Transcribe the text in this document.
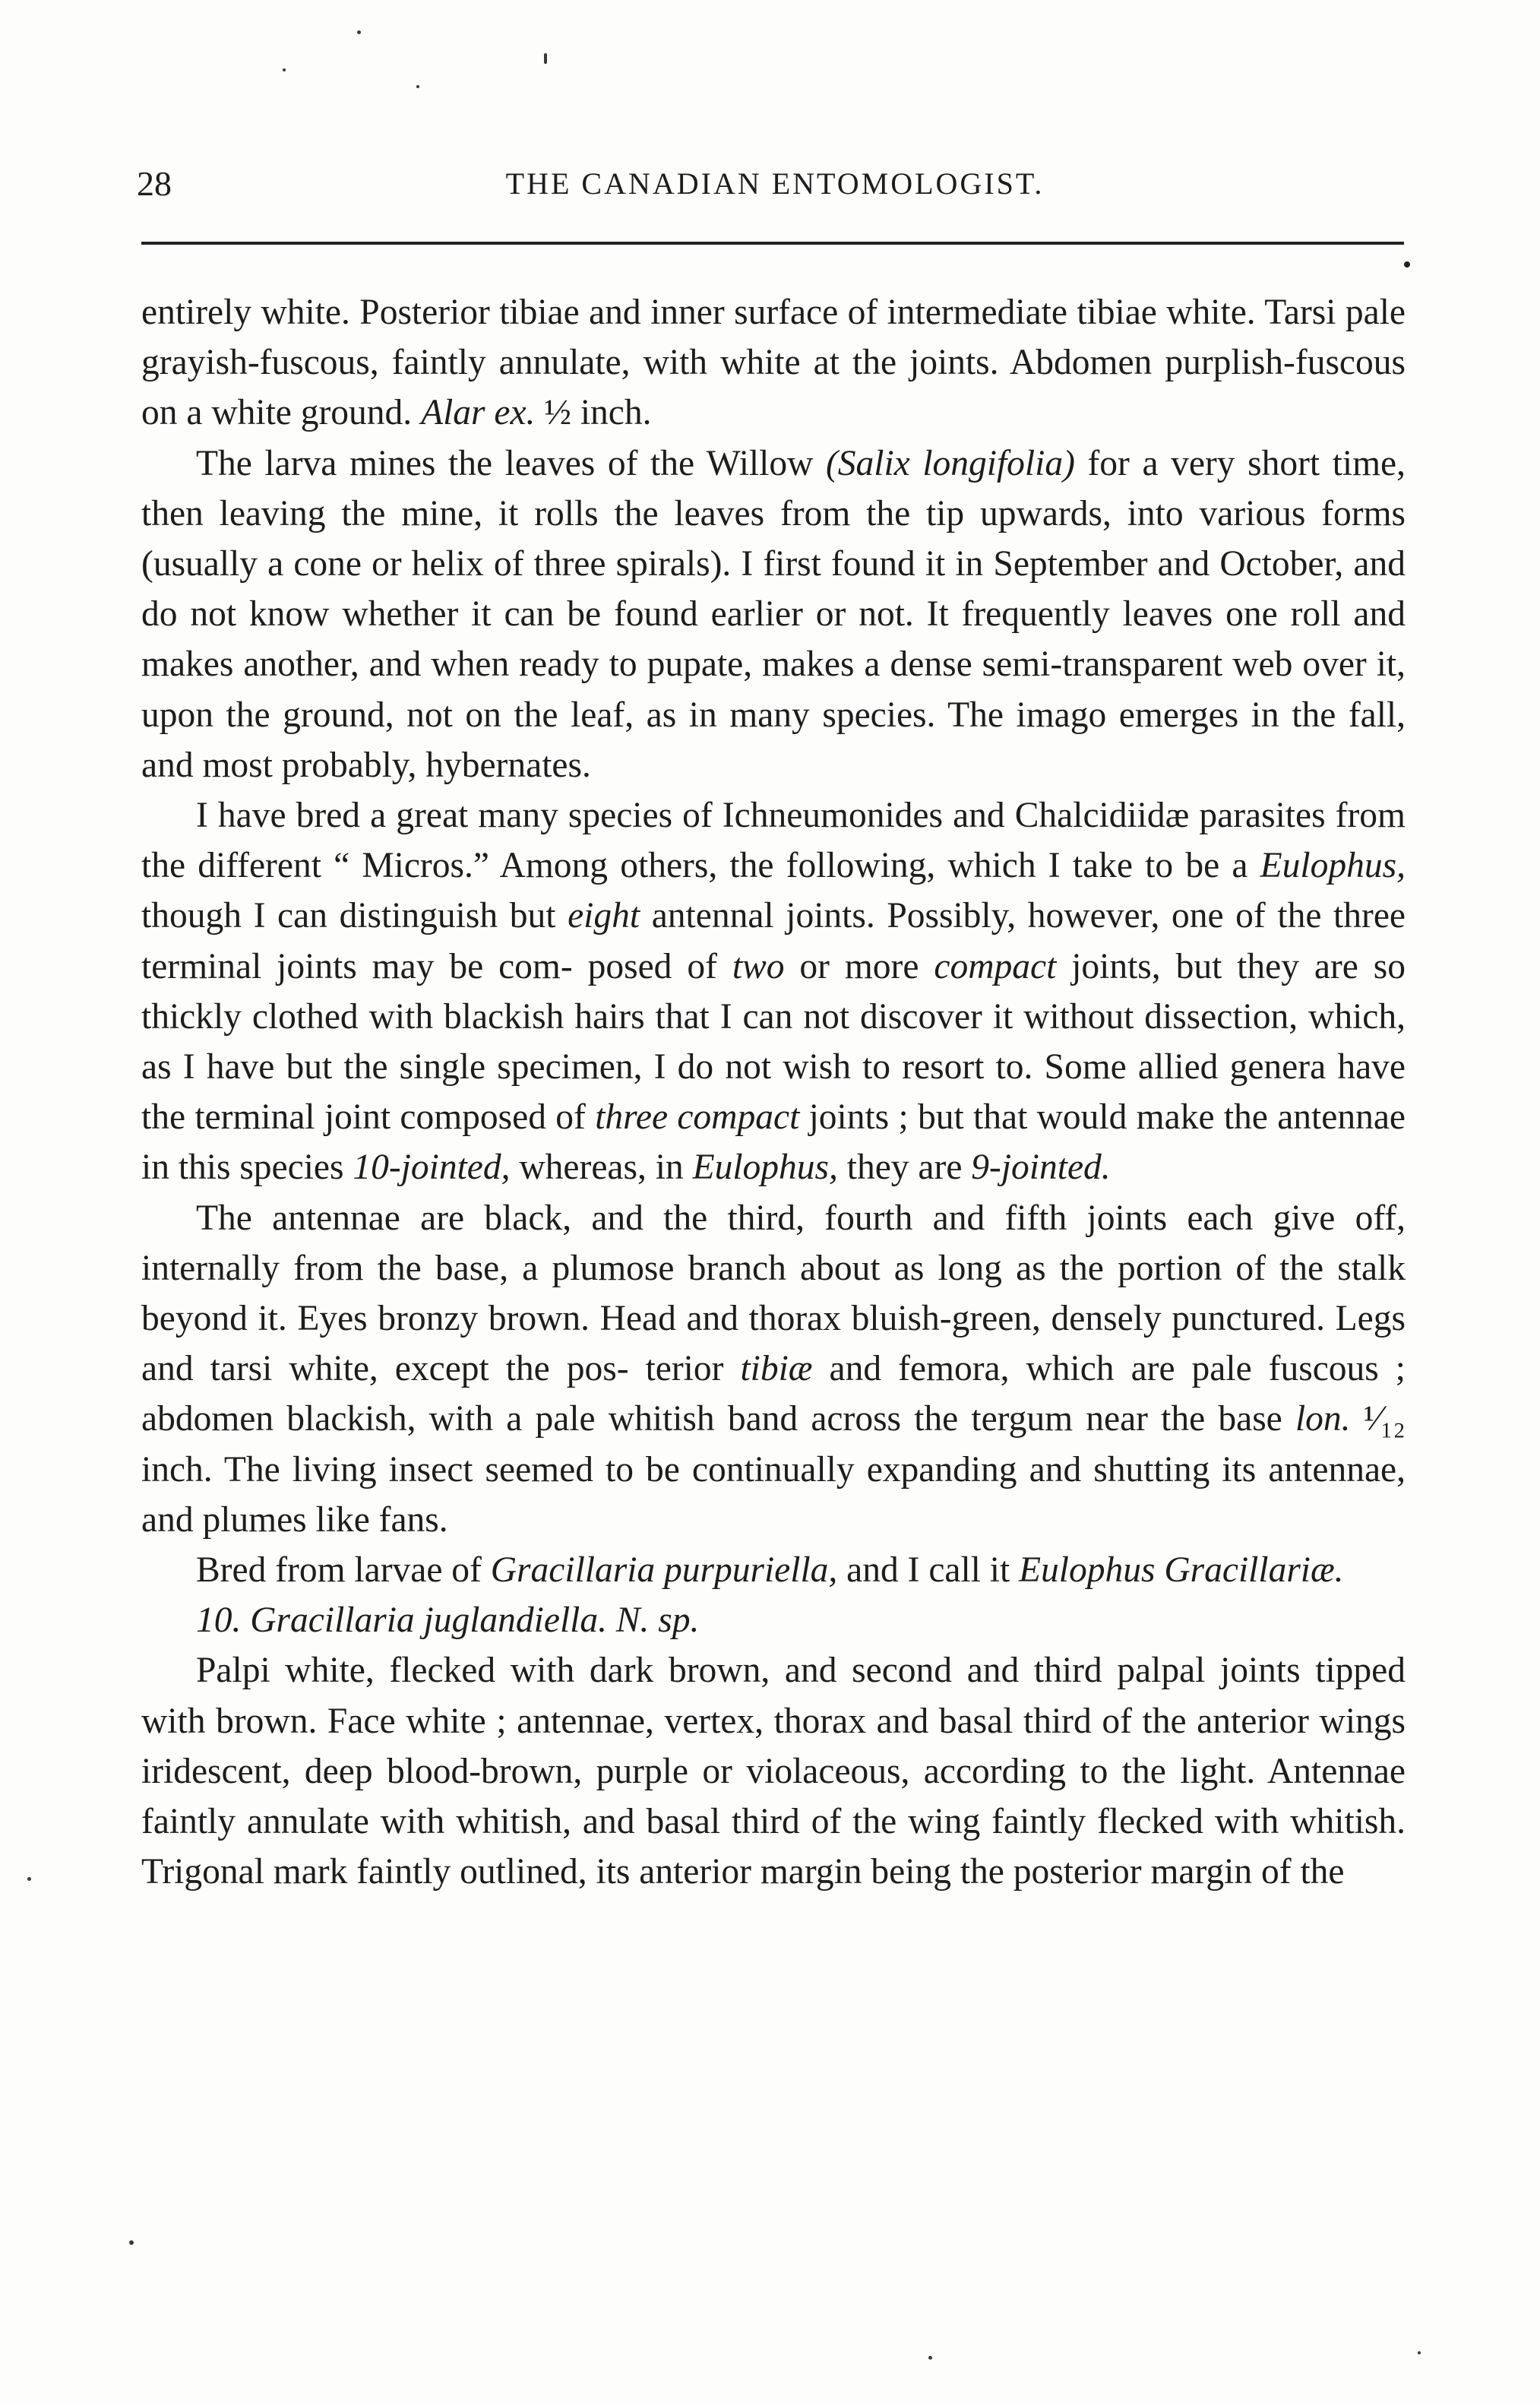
28	THE CANADIAN ENTOMOLOGIST.

entirely white. Posterior tibiae and inner surface of intermediate tibiae white. Tarsi pale grayish-fuscous, faintly annulate, with white at the joints. Abdomen purplish-fuscous on a white ground. Alar ex. ½ inch.

The larva mines the leaves of the Willow (Salix longifolia) for a very short time, then leaving the mine, it rolls the leaves from the tip upwards, into various forms (usually a cone or helix of three spirals). I first found it in September and October, and do not know whether it can be found earlier or not. It frequently leaves one roll and makes another, and when ready to pupate, makes a dense semi-transparent web over it, upon the ground, not on the leaf, as in many species. The imago emerges in the fall, and most probably, hybernates.

I have bred a great many species of Ichneumonides and Chalcidiidæ parasites from the different “ Micros.” Among others, the following, which I take to be a Eulophus, though I can distinguish but eight antennal joints. Possibly, however, one of the three terminal joints may be com- posed of two or more compact joints, but they are so thickly clothed with blackish hairs that I can not discover it without dissection, which, as I have but the single specimen, I do not wish to resort to. Some allied genera have the terminal joint composed of three compact joints ; but that would make the antennae in this species 10-jointed, whereas, in Eulophus, they are 9-jointed.

The antennae are black, and the third, fourth and fifth joints each give off, internally from the base, a plumose branch about as long as the portion of the stalk beyond it. Eyes bronzy brown. Head and thorax bluish-green, densely punctured. Legs and tarsi white, except the pos- terior tibiæ and femora, which are pale fuscous ; abdomen blackish, with a pale whitish band across the tergum near the base lon. ¹⁄₁₂ inch. The living insect seemed to be continually expanding and shutting its antennae, and plumes like fans.

Bred from larvae of Gracillaria purpuriella, and I call it Eulophus Gracillariæ.

10. Gracillaria juglandiella. N. sp.

Palpi white, flecked with dark brown, and second and third palpal joints tipped with brown. Face white ; antennae, vertex, thorax and basal third of the anterior wings iridescent, deep blood-brown, purple or violaceous, according to the light. Antennae faintly annulate with whitish, and basal third of the wing faintly flecked with whitish. Trigonal mark faintly outlined, its anterior margin being the posterior margin of the
